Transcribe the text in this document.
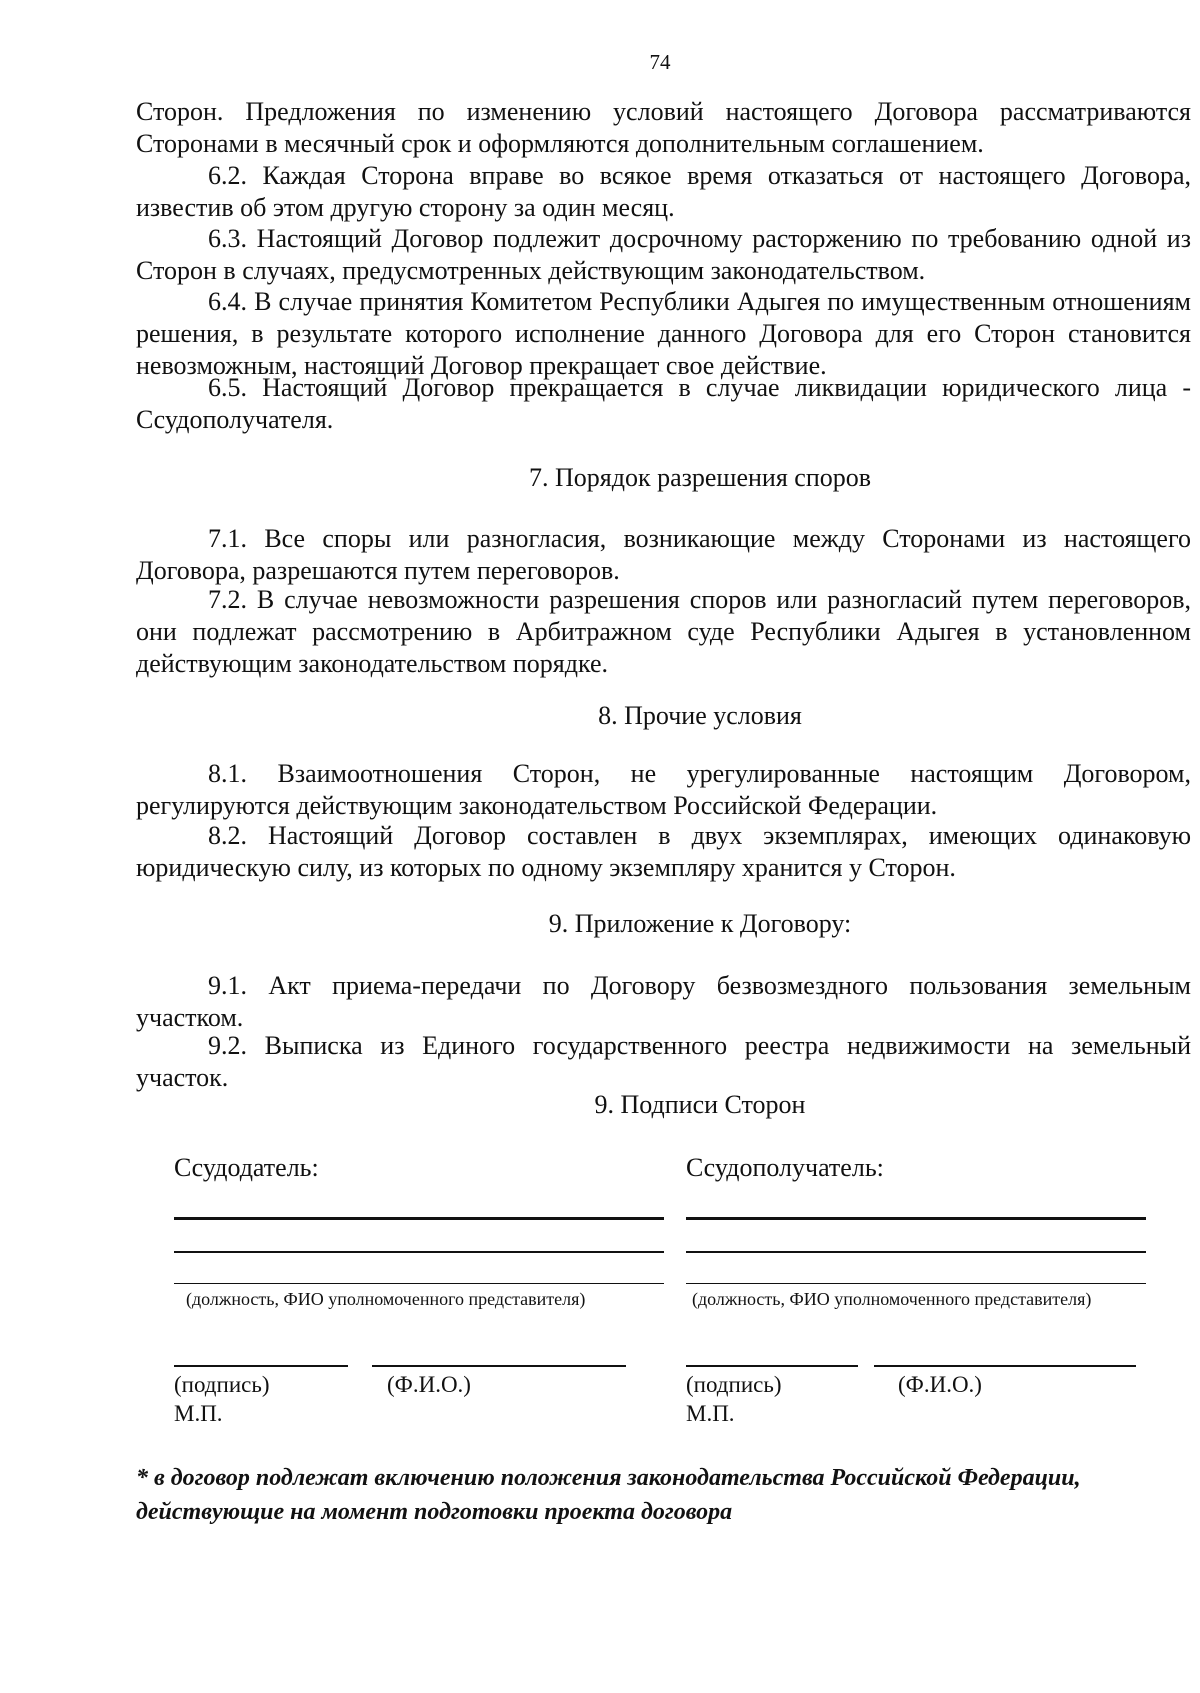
74
Сторон. Предложения по изменению условий настоящего Договора рассматриваются Сторонами в месячный срок и оформляются дополнительным соглашением.
6.2. Каждая Сторона вправе во всякое время отказаться от настоящего Договора, известив об этом другую сторону за один месяц.
6.3. Настоящий Договор подлежит досрочному расторжению по требованию одной из Сторон в случаях, предусмотренных действующим законодательством.
6.4. В случае принятия Комитетом Республики Адыгея по имущественным отношениям решения, в результате которого исполнение данного Договора для его Сторон становится невозможным, настоящий Договор прекращает свое действие.
6.5. Настоящий Договор прекращается в случае ликвидации юридического лица - Ссудополучателя.
7. Порядок разрешения споров
7.1. Все споры или разногласия, возникающие между Сторонами из настоящего Договора, разрешаются путем переговоров.
7.2. В случае невозможности разрешения споров или разногласий путем переговоров, они подлежат рассмотрению в Арбитражном суде Республики Адыгея в установленном действующим законодательством порядке.
8. Прочие условия
8.1. Взаимоотношения Сторон, не урегулированные настоящим Договором, регулируются действующим законодательством Российской Федерации.
8.2. Настоящий Договор составлен в двух экземплярах, имеющих одинаковую юридическую силу, из которых по одному экземпляру хранится у Сторон.
9. Приложение к Договору:
9.1. Акт приема-передачи по Договору безвозмездного пользования земельным участком.
9.2. Выписка из Единого государственного реестра недвижимости на земельный участок.
9. Подписи Сторон
Ссудодатель:
(должность, ФИО уполномоченного представителя)
(подпись)	(Ф.И.О.)
М.П.
Ссудополучатель:
(должность, ФИО уполномоченного представителя)
(подпись)	(Ф.И.О.)
М.П.
* в договор подлежат включению положения законодательства Российской Федерации, действующие на момент подготовки проекта договора
